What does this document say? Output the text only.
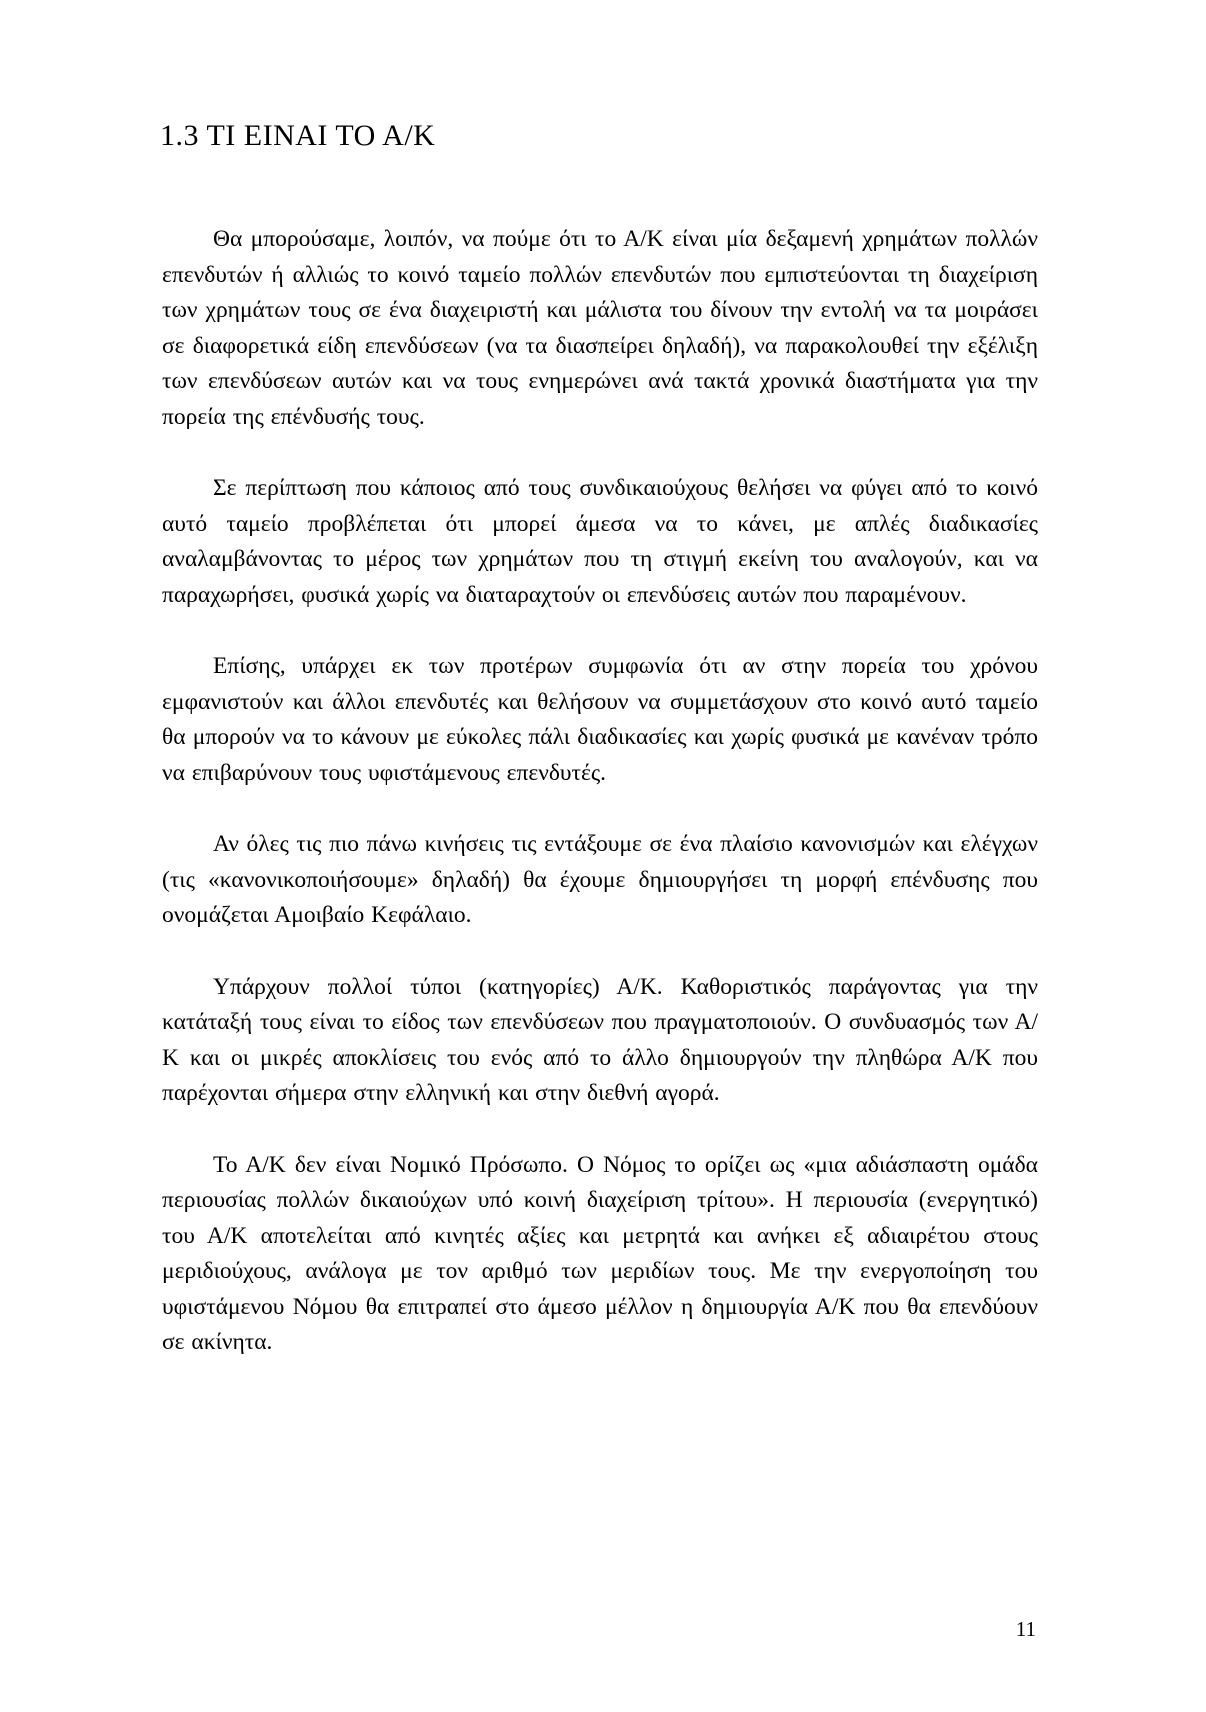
1.3 ΤΙ ΕΙΝΑΙ ΤΟ Α/Κ

Θα μπορούσαμε, λοιπόν, να πούμε ότι το Α/Κ είναι μία δεξαμενή χρημάτων πολλών επενδυτών ή αλλιώς το κοινό ταμείο πολλών επενδυτών που εμπιστεύονται τη διαχείριση των χρημάτων τους σε ένα διαχειριστή και μάλιστα του δίνουν την εντολή να τα μοιράσει σε διαφορετικά είδη επενδύσεων (να τα διασπείρει δηλαδή), να παρακολουθεί την εξέλιξη των επενδύσεων αυτών και να τους ενημερώνει ανά τακτά χρονικά διαστήματα για την πορεία της επένδυσής τους.

Σε περίπτωση που κάποιος από τους συνδικαιούχους θελήσει να φύγει από το κοινό αυτό ταμείο προβλέπεται ότι μπορεί άμεσα να το κάνει, με απλές διαδικασίες αναλαμβάνοντας το μέρος των χρημάτων που τη στιγμή εκείνη του αναλογούν, και να παραχωρήσει, φυσικά χωρίς να διαταραχτούν οι επενδύσεις αυτών που παραμένουν.

Επίσης, υπάρχει εκ των προτέρων συμφωνία ότι αν στην πορεία του χρόνου εμφανιστούν και άλλοι επενδυτές και θελήσουν να συμμετάσχουν στο κοινό αυτό ταμείο θα μπορούν να το κάνουν με εύκολες πάλι διαδικασίες και χωρίς φυσικά με κανέναν τρόπο να επιβαρύνουν τους υφιστάμενους επενδυτές.

Αν όλες τις πιο πάνω κινήσεις τις εντάξουμε σε ένα πλαίσιο κανονισμών και ελέγχων (τις «κανονικοποιήσουμε» δηλαδή) θα έχουμε δημιουργήσει τη μορφή επένδυσης που ονομάζεται Αμοιβαίο Κεφάλαιο.

Υπάρχουν πολλοί τύποι (κατηγορίες) Α/Κ. Καθοριστικός παράγοντας για την κατάταξή τους είναι το είδος των επενδύσεων που πραγματοποιούν. Ο συνδυασμός των Α/Κ και οι μικρές αποκλίσεις του ενός από το άλλο δημιουργούν την πληθώρα Α/Κ που παρέχονται σήμερα στην ελληνική και στην διεθνή αγορά.

Το Α/Κ δεν είναι Νομικό Πρόσωπο. Ο Νόμος το ορίζει ως «μια αδιάσπαστη ομάδα περιουσίας πολλών δικαιούχων υπό κοινή διαχείριση τρίτου». Η περιουσία (ενεργητικό) του Α/Κ αποτελείται από κινητές αξίες και μετρητά και ανήκει εξ αδιαιρέτου στους μεριδιούχους, ανάλογα με τον αριθμό των μεριδίων τους. Με την ενεργοποίηση του υφιστάμενου Νόμου θα επιτραπεί στο άμεσο μέλλον η δημιουργία Α/Κ που θα επενδύουν σε ακίνητα.

11
